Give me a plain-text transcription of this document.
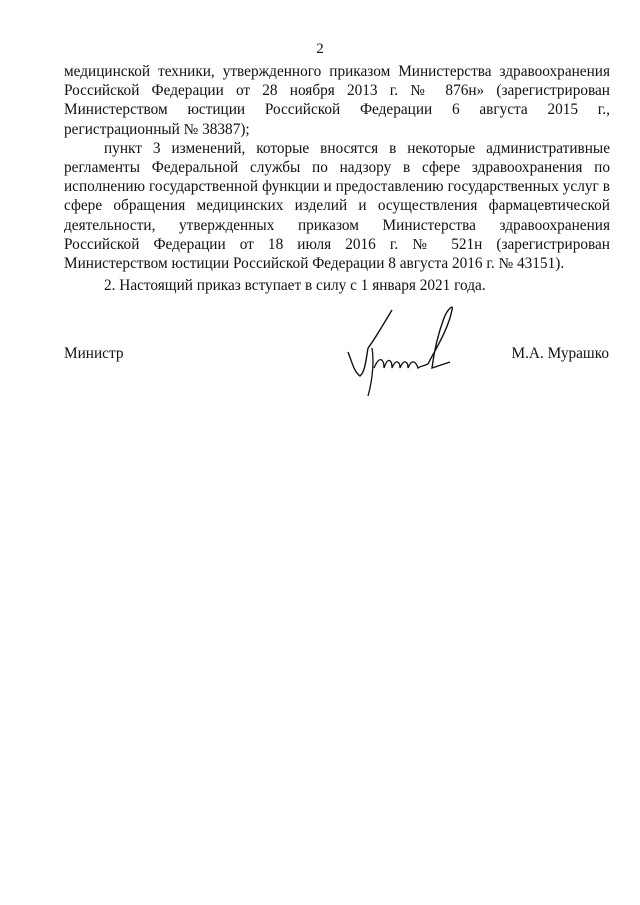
2

медицинской техники, утвержденного приказом Министерства здравоохранения Российской Федерации от 28 ноября 2013 г. № 876н» (зарегистрирован Министерством юстиции Российской Федерации 6 августа 2015 г., регистрационный № 38387);

пункт 3 изменений, которые вносятся в некоторые административные регламенты Федеральной службы по надзору в сфере здравоохранения по исполнению государственной функции и предоставлению государственных услуг в сфере обращения медицинских изделий и осуществления фармацевтической деятельности, утвержденных приказом Министерства здравоохранения Российской Федерации от 18 июля 2016 г. № 521н (зарегистрирован Министерством юстиции Российской Федерации 8 августа 2016 г. № 43151).

2. Настоящий приказ вступает в силу с 1 января 2021 года.

Министр	М.А. Мурашко
